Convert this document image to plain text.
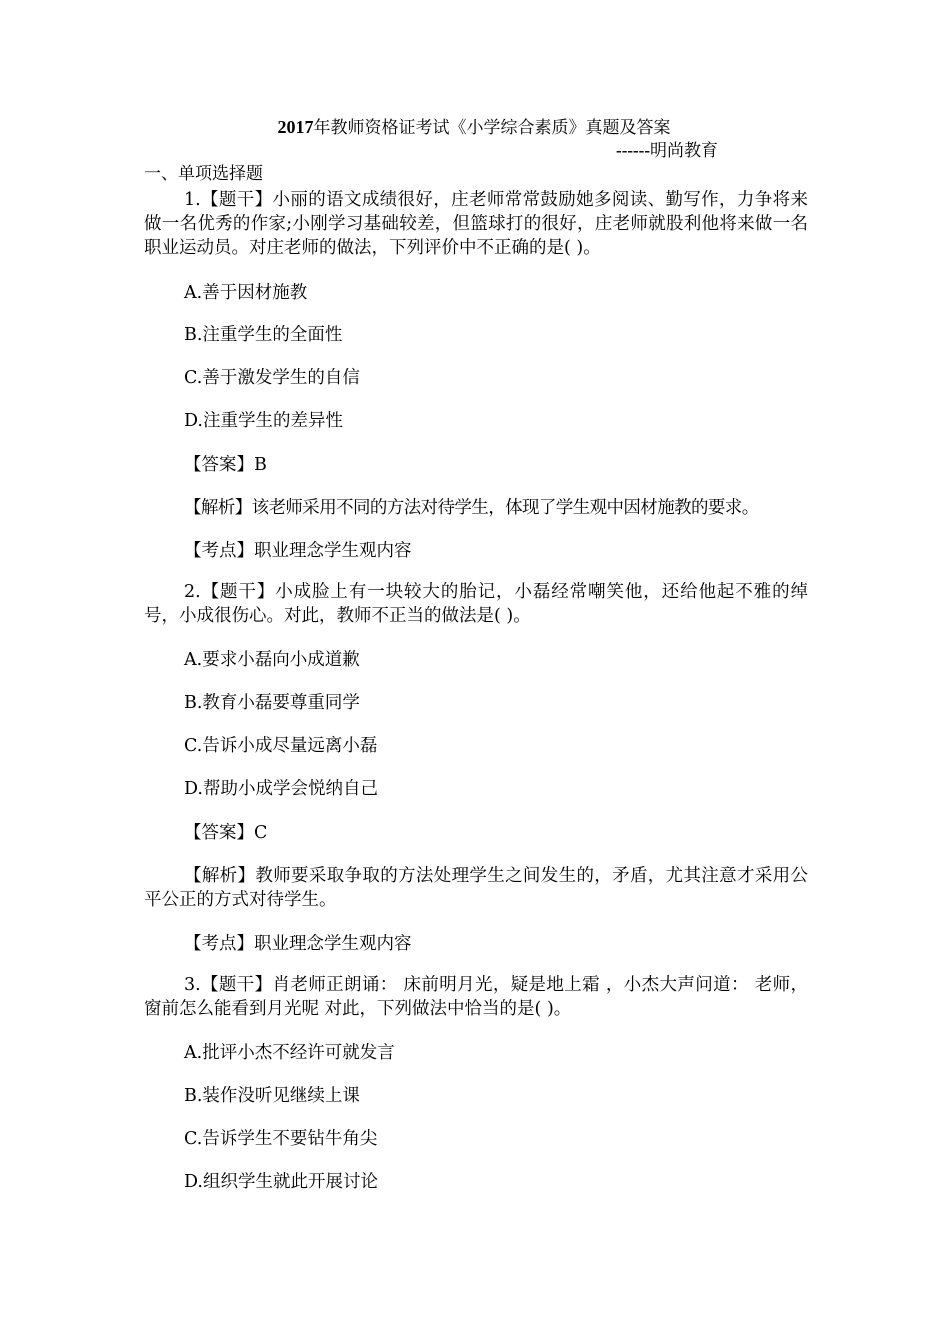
2017年教师资格证考试《小学综合素质》真题及答案
------明尚教育
一、单项选择题
1.【题干】小丽的语文成绩很好，庄老师常常鼓励她多阅读、勤写作，力争将来做一名优秀的作家;小刚学习基础较差，但篮球打的很好，庄老师就股利他将来做一名职业运动员。对庄老师的做法，下列评价中不正确的是( )。
A.善于因材施教
B.注重学生的全面性
C.善于激发学生的自信
D.注重学生的差异性
【答案】B
【解析】该老师采用不同的方法对待学生，体现了学生观中因材施教的要求。
【考点】职业理念学生观内容
2.【题干】小成脸上有一块较大的胎记，小磊经常嘲笑他，还给他起不雅的绰号，小成很伤心。对此，教师不正当的做法是( )。
A.要求小磊向小成道歉
B.教育小磊要尊重同学
C.告诉小成尽量远离小磊
D.帮助小成学会悦纳自己
【答案】C
【解析】教师要采取争取的方法处理学生之间发生的，矛盾，尤其注意才采用公平公正的方式对待学生。
【考点】职业理念学生观内容
3.【题干】肖老师正朗诵： 床前明月光，疑是地上霜 ，小杰大声问道： 老师，窗前怎么能看到月光呢 对此，下列做法中恰当的是( )。
A.批评小杰不经许可就发言
B.装作没听见继续上课
C.告诉学生不要钻牛角尖
D.组织学生就此开展讨论
